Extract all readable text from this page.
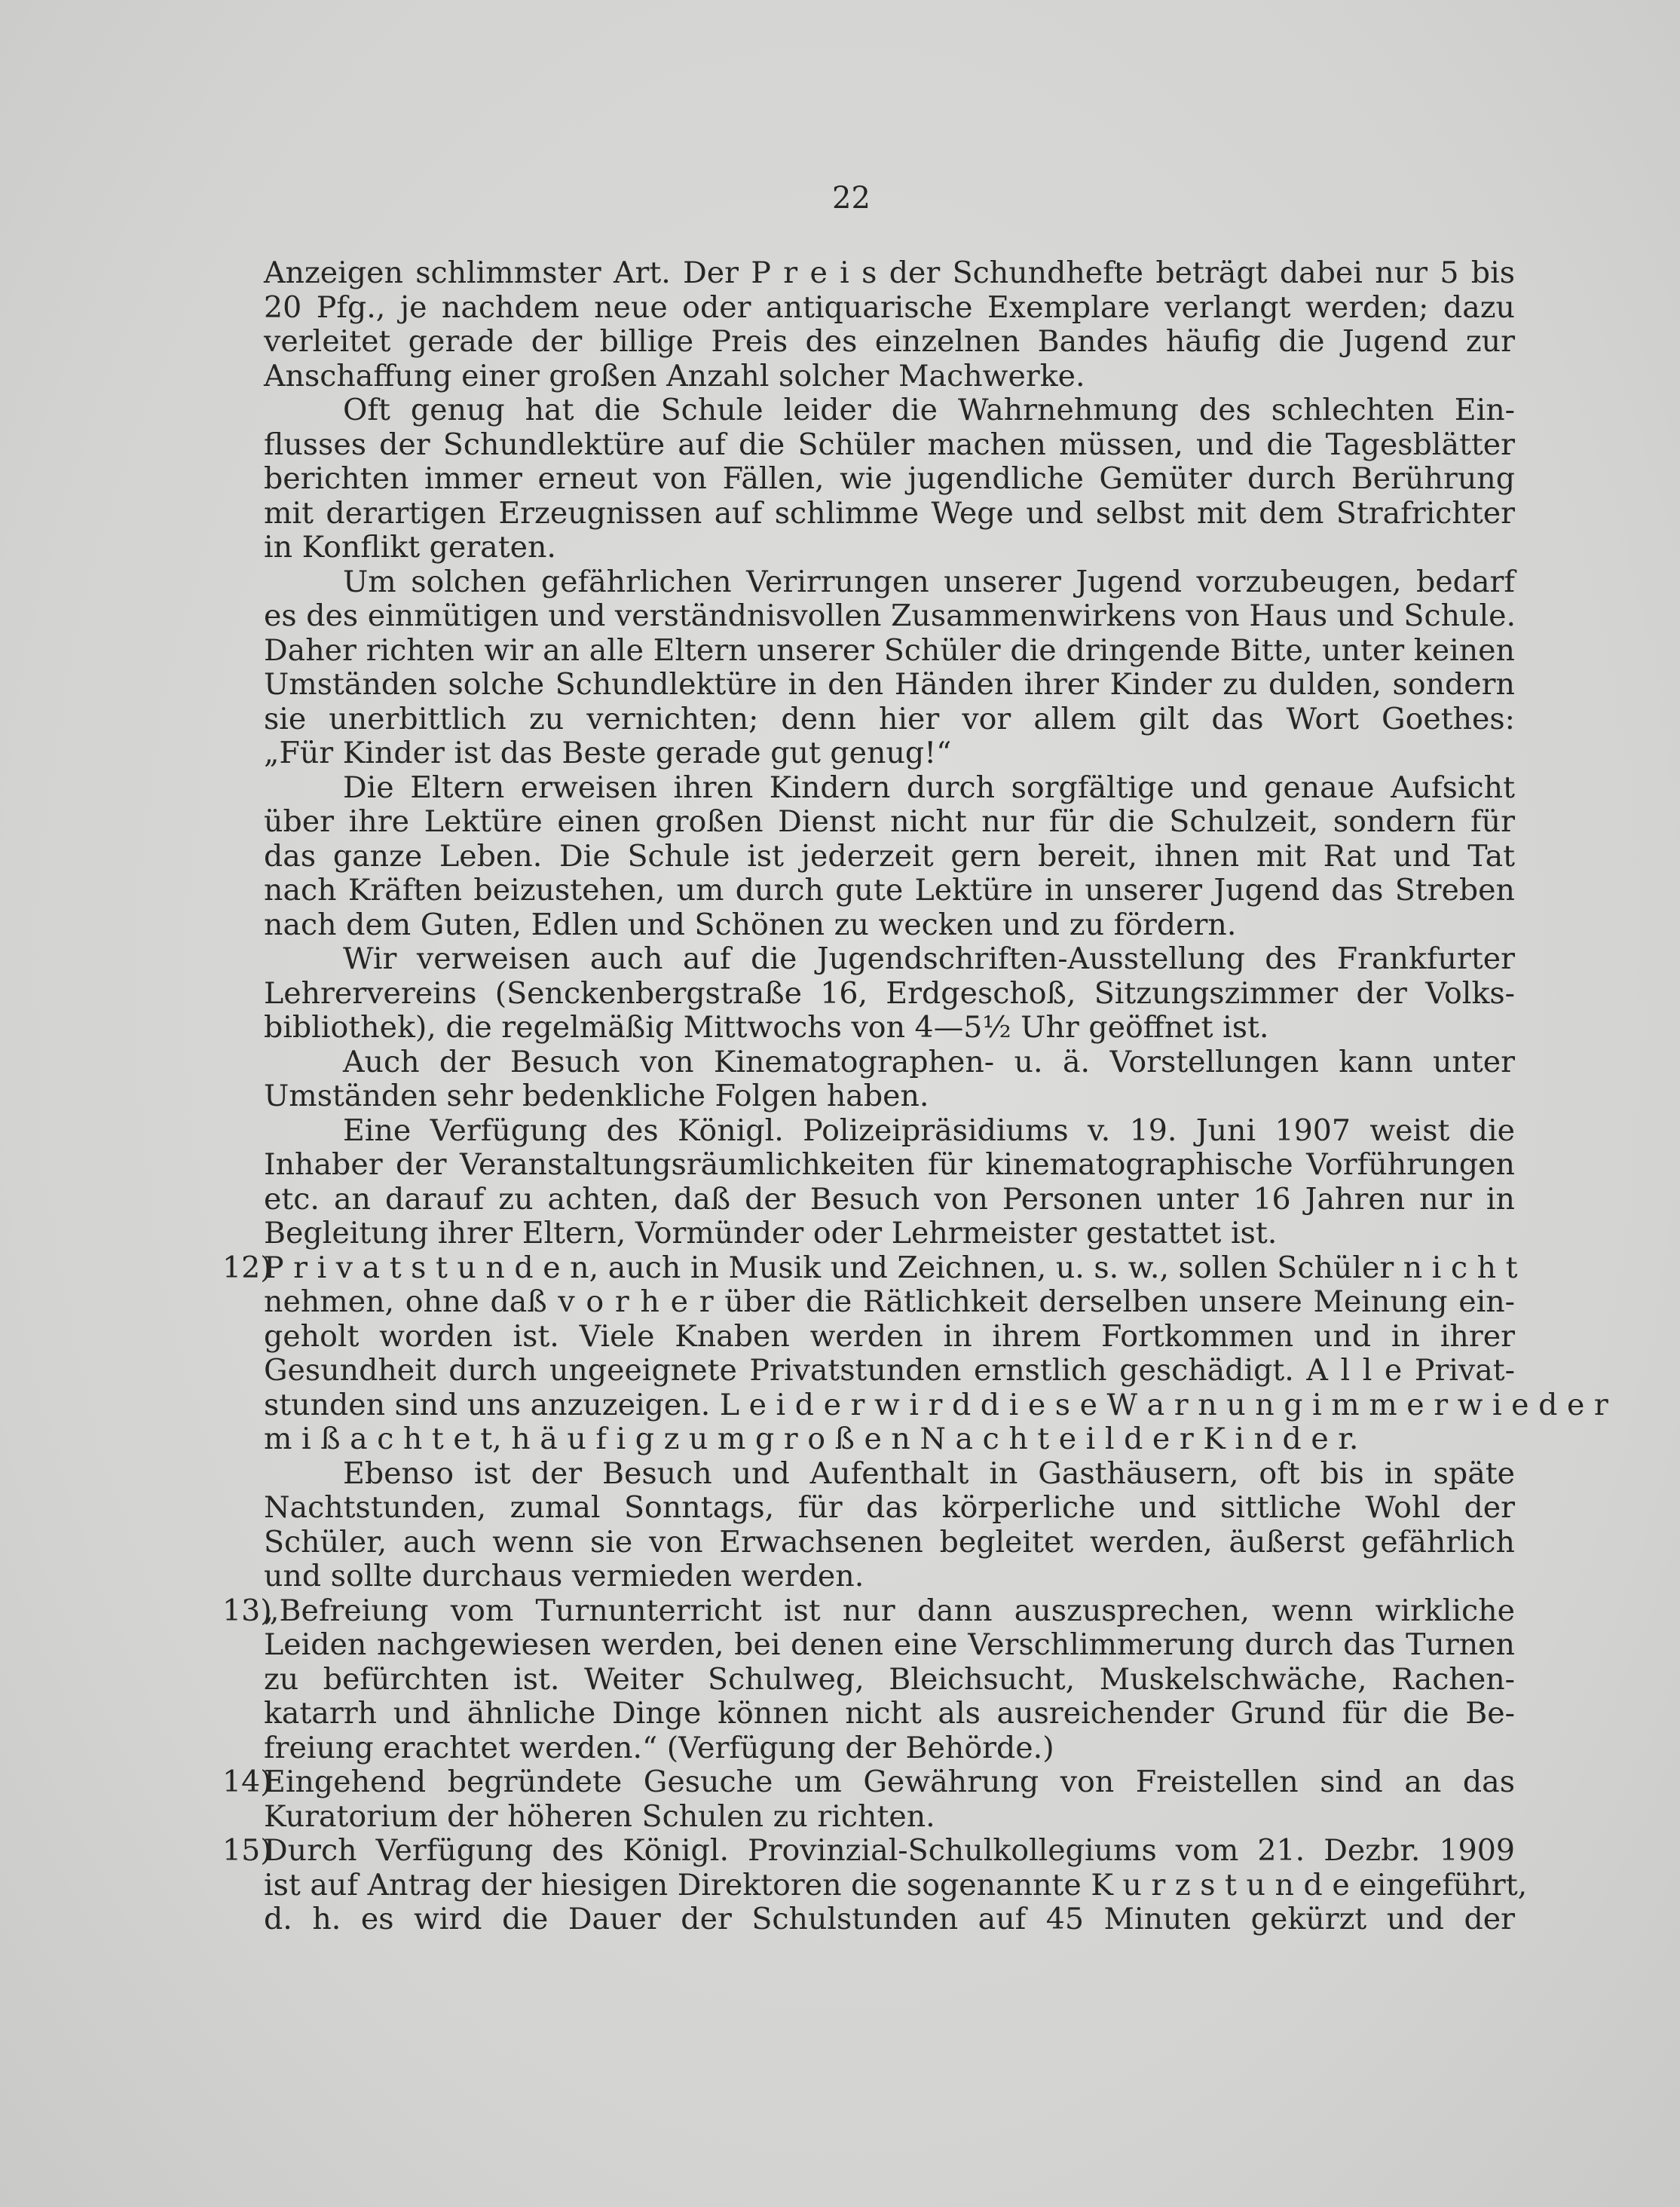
22
Anzeigen schlimmster Art. Der P r e i s der Schundhefte beträgt dabei nur 5 bis
20 Pfg., je nachdem neue oder antiquarische Exemplare verlangt werden; dazu
verleitet gerade der billige Preis des einzelnen Bandes häufig die Jugend zur
Anschaffung einer großen Anzahl solcher Machwerke.
Oft genug hat die Schule leider die Wahrnehmung des schlechten Ein-
flusses der Schundlektüre auf die Schüler machen müssen, und die Tagesblätter
berichten immer erneut von Fällen, wie jugendliche Gemüter durch Berührung
mit derartigen Erzeugnissen auf schlimme Wege und selbst mit dem Strafrichter
in Konflikt geraten.
Um solchen gefährlichen Verirrungen unserer Jugend vorzubeugen, bedarf
es des einmütigen und verständnisvollen Zusammenwirkens von Haus und Schule.
Daher richten wir an alle Eltern unserer Schüler die dringende Bitte, unter keinen
Umständen solche Schundlektüre in den Händen ihrer Kinder zu dulden, sondern
sie unerbittlich zu vernichten; denn hier vor allem gilt das Wort Goethes:
„Für Kinder ist das Beste gerade gut genug!“
Die Eltern erweisen ihren Kindern durch sorgfältige und genaue Aufsicht
über ihre Lektüre einen großen Dienst nicht nur für die Schulzeit, sondern für
das ganze Leben. Die Schule ist jederzeit gern bereit, ihnen mit Rat und Tat
nach Kräften beizustehen, um durch gute Lektüre in unserer Jugend das Streben
nach dem Guten, Edlen und Schönen zu wecken und zu fördern.
Wir verweisen auch auf die Jugendschriften-Ausstellung des Frankfurter
Lehrervereins (Senckenbergstraße 16, Erdgeschoß, Sitzungszimmer der Volks-
bibliothek), die regelmäßig Mittwochs von 4—5½ Uhr geöffnet ist.
Auch der Besuch von Kinematographen- u. ä. Vorstellungen kann unter
Umständen sehr bedenkliche Folgen haben.
Eine Verfügung des Königl. Polizeipräsidiums v. 19. Juni 1907 weist die
Inhaber der Veranstaltungsräumlichkeiten für kinematographische Vorführungen
etc. an darauf zu achten, daß der Besuch von Personen unter 16 Jahren nur in
Begleitung ihrer Eltern, Vormünder oder Lehrmeister gestattet ist.
12)
P r i v a t s t u n d e n, auch in Musik und Zeichnen, u. s. w., sollen Schüler n i c h t
nehmen, ohne daß v o r h e r über die Rätlichkeit derselben unsere Meinung ein-
geholt worden ist. Viele Knaben werden in ihrem Fortkommen und in ihrer
Gesundheit durch ungeeignete Privatstunden ernstlich geschädigt. A l l e Privat-
stunden sind uns anzuzeigen. L e i d e r w i r d d i e s e W a r n u n g i m m e r w i e d e r
m i ß a c h t e t, h ä u f i g z u m g r o ß e n N a c h t e i l d e r K i n d e r.
Ebenso ist der Besuch und Aufenthalt in Gasthäusern, oft bis in späte
Nachtstunden, zumal Sonntags, für das körperliche und sittliche Wohl der
Schüler, auch wenn sie von Erwachsenen begleitet werden, äußerst gefährlich
und sollte durchaus vermieden werden.
13)
„Befreiung vom Turnunterricht ist nur dann auszusprechen, wenn wirkliche
Leiden nachgewiesen werden, bei denen eine Verschlimmerung durch das Turnen
zu befürchten ist. Weiter Schulweg, Bleichsucht, Muskelschwäche, Rachen-
katarrh und ähnliche Dinge können nicht als ausreichender Grund für die Be-
freiung erachtet werden.“ (Verfügung der Behörde.)
14)
Eingehend begründete Gesuche um Gewährung von Freistellen sind an das
Kuratorium der höheren Schulen zu richten.
15)
Durch Verfügung des Königl. Provinzial-Schulkollegiums vom 21. Dezbr. 1909
ist auf Antrag der hiesigen Direktoren die sogenannte K u r z s t u n d e eingeführt,
d. h. es wird die Dauer der Schulstunden auf 45 Minuten gekürzt und der
